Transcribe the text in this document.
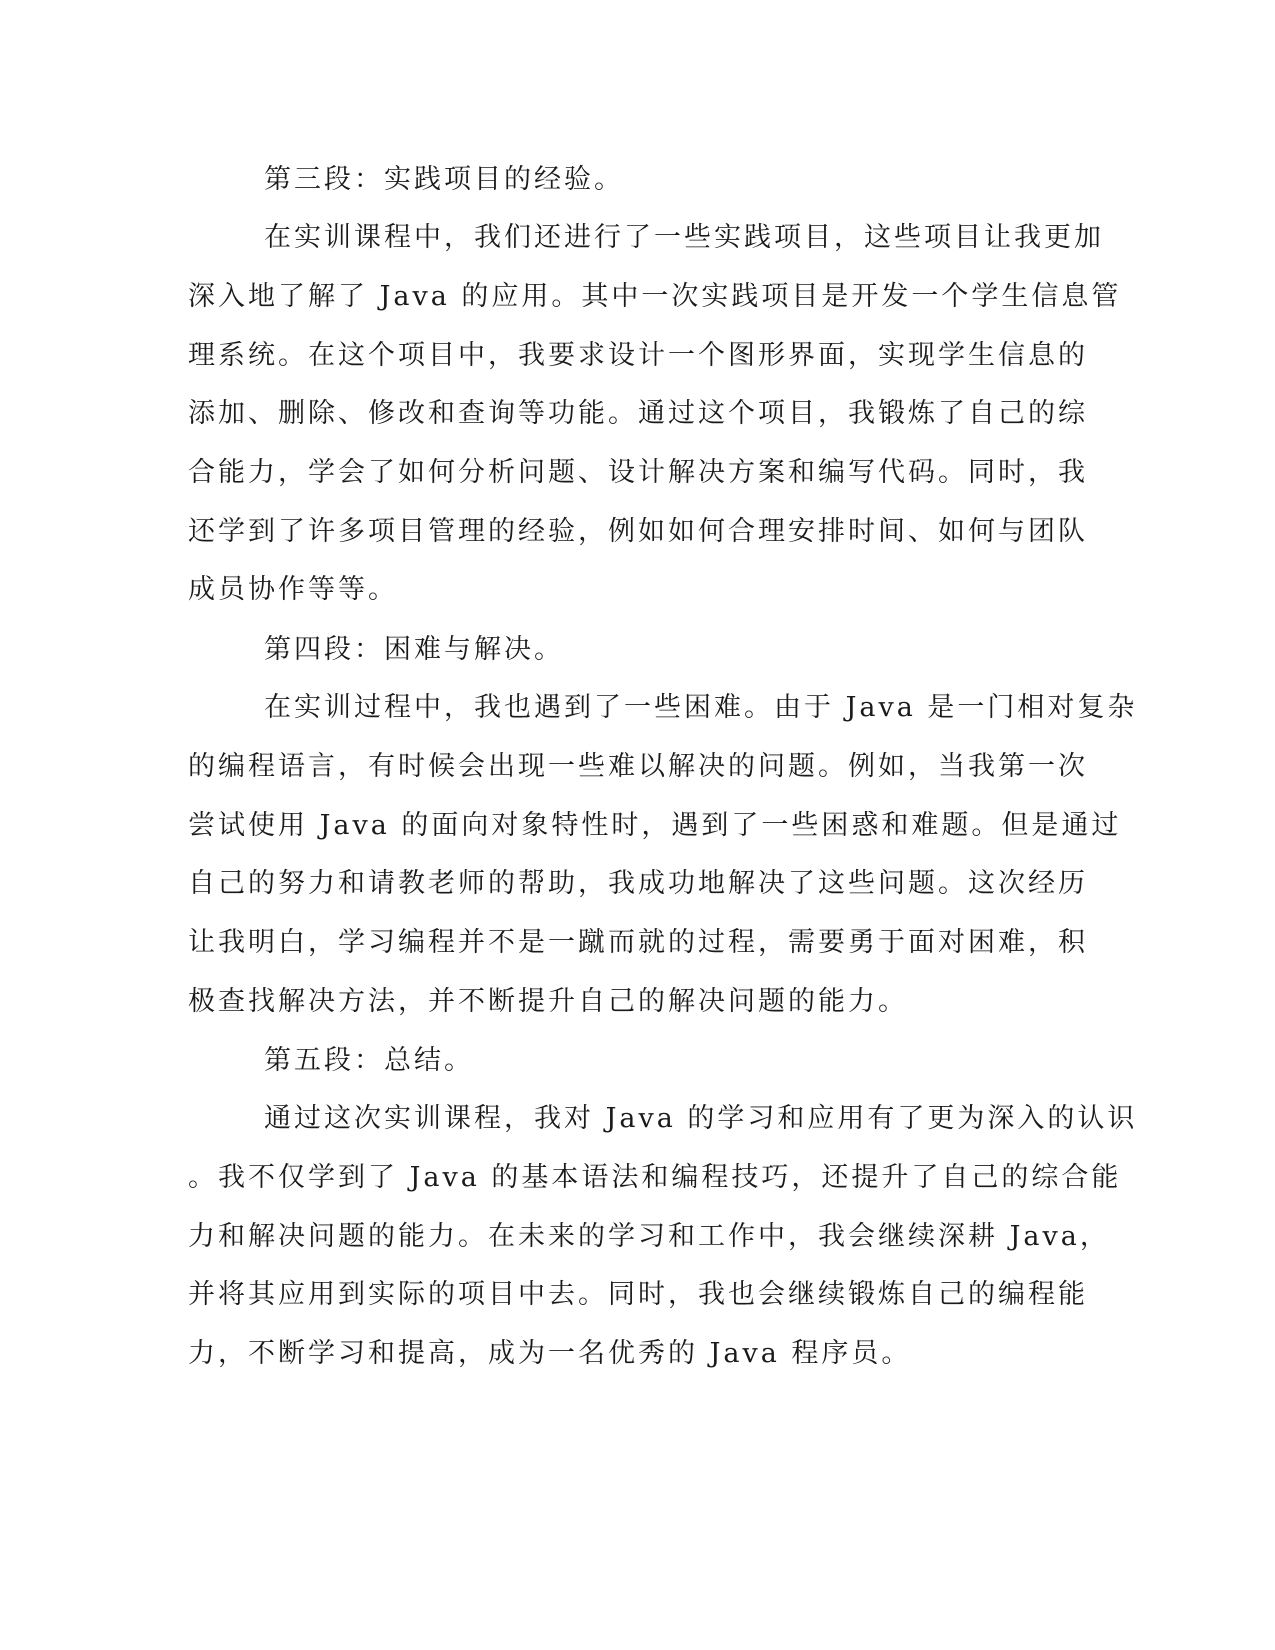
第三段：实践项目的经验。
在实训课程中，我们还进行了一些实践项目，这些项目让我更加
深入地了解了 Java 的应用。其中一次实践项目是开发一个学生信息管
理系统。在这个项目中，我要求设计一个图形界面，实现学生信息的
添加、删除、修改和查询等功能。通过这个项目，我锻炼了自己的综
合能力，学会了如何分析问题、设计解决方案和编写代码。同时，我
还学到了许多项目管理的经验，例如如何合理安排时间、如何与团队
成员协作等等。
第四段：困难与解决。
在实训过程中，我也遇到了一些困难。由于 Java 是一门相对复杂
的编程语言，有时候会出现一些难以解决的问题。例如，当我第一次
尝试使用 Java 的面向对象特性时，遇到了一些困惑和难题。但是通过
自己的努力和请教老师的帮助，我成功地解决了这些问题。这次经历
让我明白，学习编程并不是一蹴而就的过程，需要勇于面对困难，积
极查找解决方法，并不断提升自己的解决问题的能力。
第五段：总结。
通过这次实训课程，我对 Java 的学习和应用有了更为深入的认识
。我不仅学到了 Java 的基本语法和编程技巧，还提升了自己的综合能
力和解决问题的能力。在未来的学习和工作中，我会继续深耕 Java，
并将其应用到实际的项目中去。同时，我也会继续锻炼自己的编程能
力，不断学习和提高，成为一名优秀的 Java 程序员。
